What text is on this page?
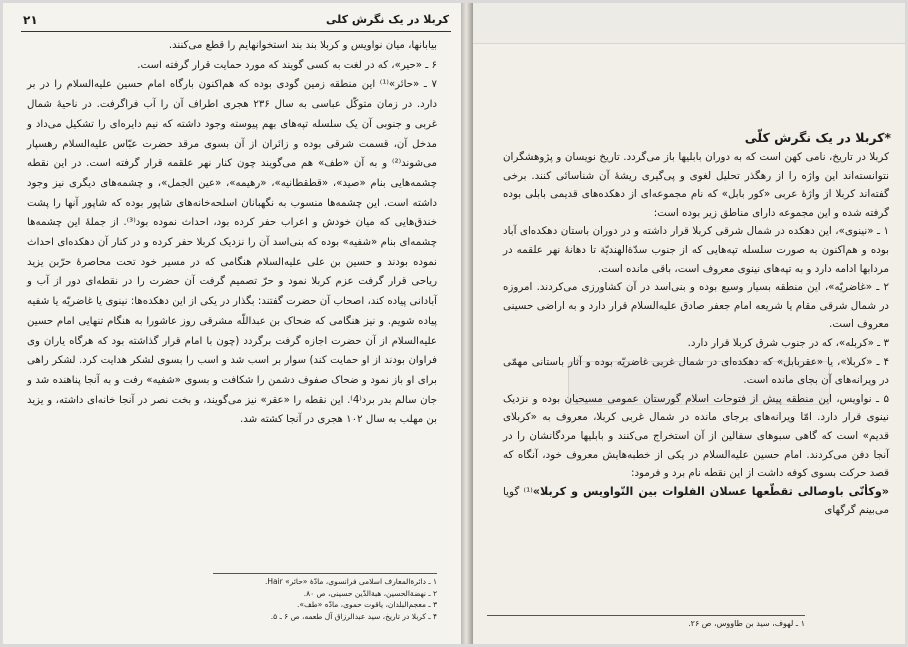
کربلا در یک نگرش کلی
۲۱

بیابانها، میان نواویس و کربلا بند بند استخوانهایم را قطع می‌کنند.

۶ ـ «حیر»، که در لغت به کسی گویند که مورد حمایت قرار گرفته است.

۷ ـ «حائر»⁽¹⁾ این منطقه زمین گودی بوده که هم‌اکنون بارگاه امام حسین علیه‌السلام را در بر دارد. در زمان متوکّل عباسی به سال ۲۳۶ هجری اطراف آن را آب فراگرفت. در ناحیهٔ شمال غربی و جنوبی آن یک سلسله تپه‌های بهم پیوسته وجود داشته که نیم دایره‌ای را تشکیل می‌داد و مدخل آن، قسمت شرقی بوده و زائران از آن بسوی مرقد حضرت عبّاس علیه‌السلام رهسپار می‌شوند⁽²⁾ و به آن «طف» هم می‌گویند چون کنار نهر علقمه قرار گرفته است. در این نقطه چشمه‌هایی بنام «صید»، «قطقطانیه»، «رهیمه»، «عین الجمل»، و چشمه‌های دیگری نیز وجود داشته است. این چشمه‌ها منسوب به نگهبانان اسلحه‌خانه‌های شاپور بوده که شاپور آنها را پشت خندق‌هایی که میان خودش و اعراب حفر کرده بود، احداث نموده بود⁽³⁾. از جملهٔ این چشمه‌ها چشمه‌ای بنام «شفیه» بوده که بنی‌اسد آن را نزدیک کربلا حفر کرده و در کنار آن دهکده‌ای احداث نموده بودند و حسین بن علی علیه‌السلام هنگامی که در مسیر خود تحت محاصرهٔ حرّبن یزید ریاحی قرار گرفت عزم کربلا نمود و حرّ تصمیم گرفت آن حضرت را در نقطه‌ای دور از آب و آبادانی پیاده کند، اصحاب آن حضرت گفتند: بگذار در یکی از این دهکده‌ها: نینوی یا غاضریّه یا شفیه پیاده شویم. و نیز هنگامی که ضحاک بن عبداللّه مشرقی روز عاشورا به هنگام تنهایی امام حسین علیه‌السلام از آن حضرت اجازه گرفت برگردد (چون با امام قرار گذاشته بود که هرگاه یاران وی فراوان بودند از او حمایت کند) سوار بر اسب شد و اسب را بسوی لشکر هدایت کرد. لشکر راهی برای او باز نمود و ضحاک صفوف دشمن را شکافت و بسوی «شفیه» رفت و به آنجا پناهنده شد و جان سالم بدر برد⁽4⁾. این نقطه را «عقر» نیز می‌گویند، و بخت نصر در آنجا خانه‌ای داشته، و یزید بن مهلب به سال ۱۰۲ هجری در آنجا کشته شد.

۱ ـ دائرة‌المعارف اسلامی فرانسوی، مادّهٔ «حائر» Hair.

۲ ـ نهضة‌الحسین، هبة‌الدّین حسینی، ص ۸۰.

۳ ـ معجم‌البلدان، یاقوت حموی، مادّه «طف».

۴ ـ کربلا در تاریخ، سید عبدالرزاق آل طعمه، ص ۶ ـ ۵.

*کربلا در یک نگرش کلّی

کربلا در تاریخ، نامی کهن است که به دوران بابلیها باز می‌گردد. تاریخ نویسان و پژوهشگران نتوانسته‌اند این واژه را از رهگذر تحلیل لغوی و پی‌گیری ریشهٔ آن شناسائی کنند. برخی گفته‌اند کربلا از واژهٔ عربی «کور بابل» که نام مجموعه‌ای از دهکده‌های قدیمی بابلی بوده گرفته شده و این مجموعه دارای مناطق زیر بوده است:

۱ ـ «نینوی»، این دهکده در شمال شرقی کربلا قرار داشته و در دوران باستان دهکده‌ای آباد بوده و هم‌اکنون به صورت سلسله تپه‌هایی که از جنوب سدّة‌الهندیّة تا دهانهٔ نهر علقمه در مردابها ادامه دارد و به تپه‌های نینوی معروف است، باقی مانده است.

۲ ـ «غاضریّه»، این منطقه بسیار وسیع بوده و بنی‌اسد در آن کشاورزی می‌کردند. امروزه در شمال شرقی مقام یا شریعه امام جعفر صادق علیه‌السلام قرار دارد و به اراضی حسینی معروف است.

۳ ـ «کربله»، که در جنوب شرق کربلا قرار دارد.

۴ ـ «کربلا»، یا «عقربابل» که دهکده‌ای در شمال غربی غاضریّه بوده و آثار باستانی مهمّی در ویرانه‌های آن بجای مانده است.

۵ ـ نواویس، این منطقه پیش از فتوحات اسلام گورستان عمومی مسیحیان بوده و نزدیک نینوی قرار دارد. امّا ویرانه‌های برجای مانده در شمال غربی کربلا، معروف به «کربلای قدیم» است که گاهی سبوهای سفالین از آن استخراج می‌کنند و بابلیها مردگانشان را در آنجا دفن می‌کردند. امام حسین علیه‌السلام در یکی از خطبه‌هایش معروف خود، آنگاه که قصد حرکت بسوی کوفه داشت از این نقطه نام برد و فرمود:

«وکأنّی باوصالی تقطّعها عسلان الفلوات بین النّواویس و کربلا»⁽¹⁾ گویا می‌بینم گرگهای

۱ ـ لهوف، سید بن طاووس، ص ۲۶.
